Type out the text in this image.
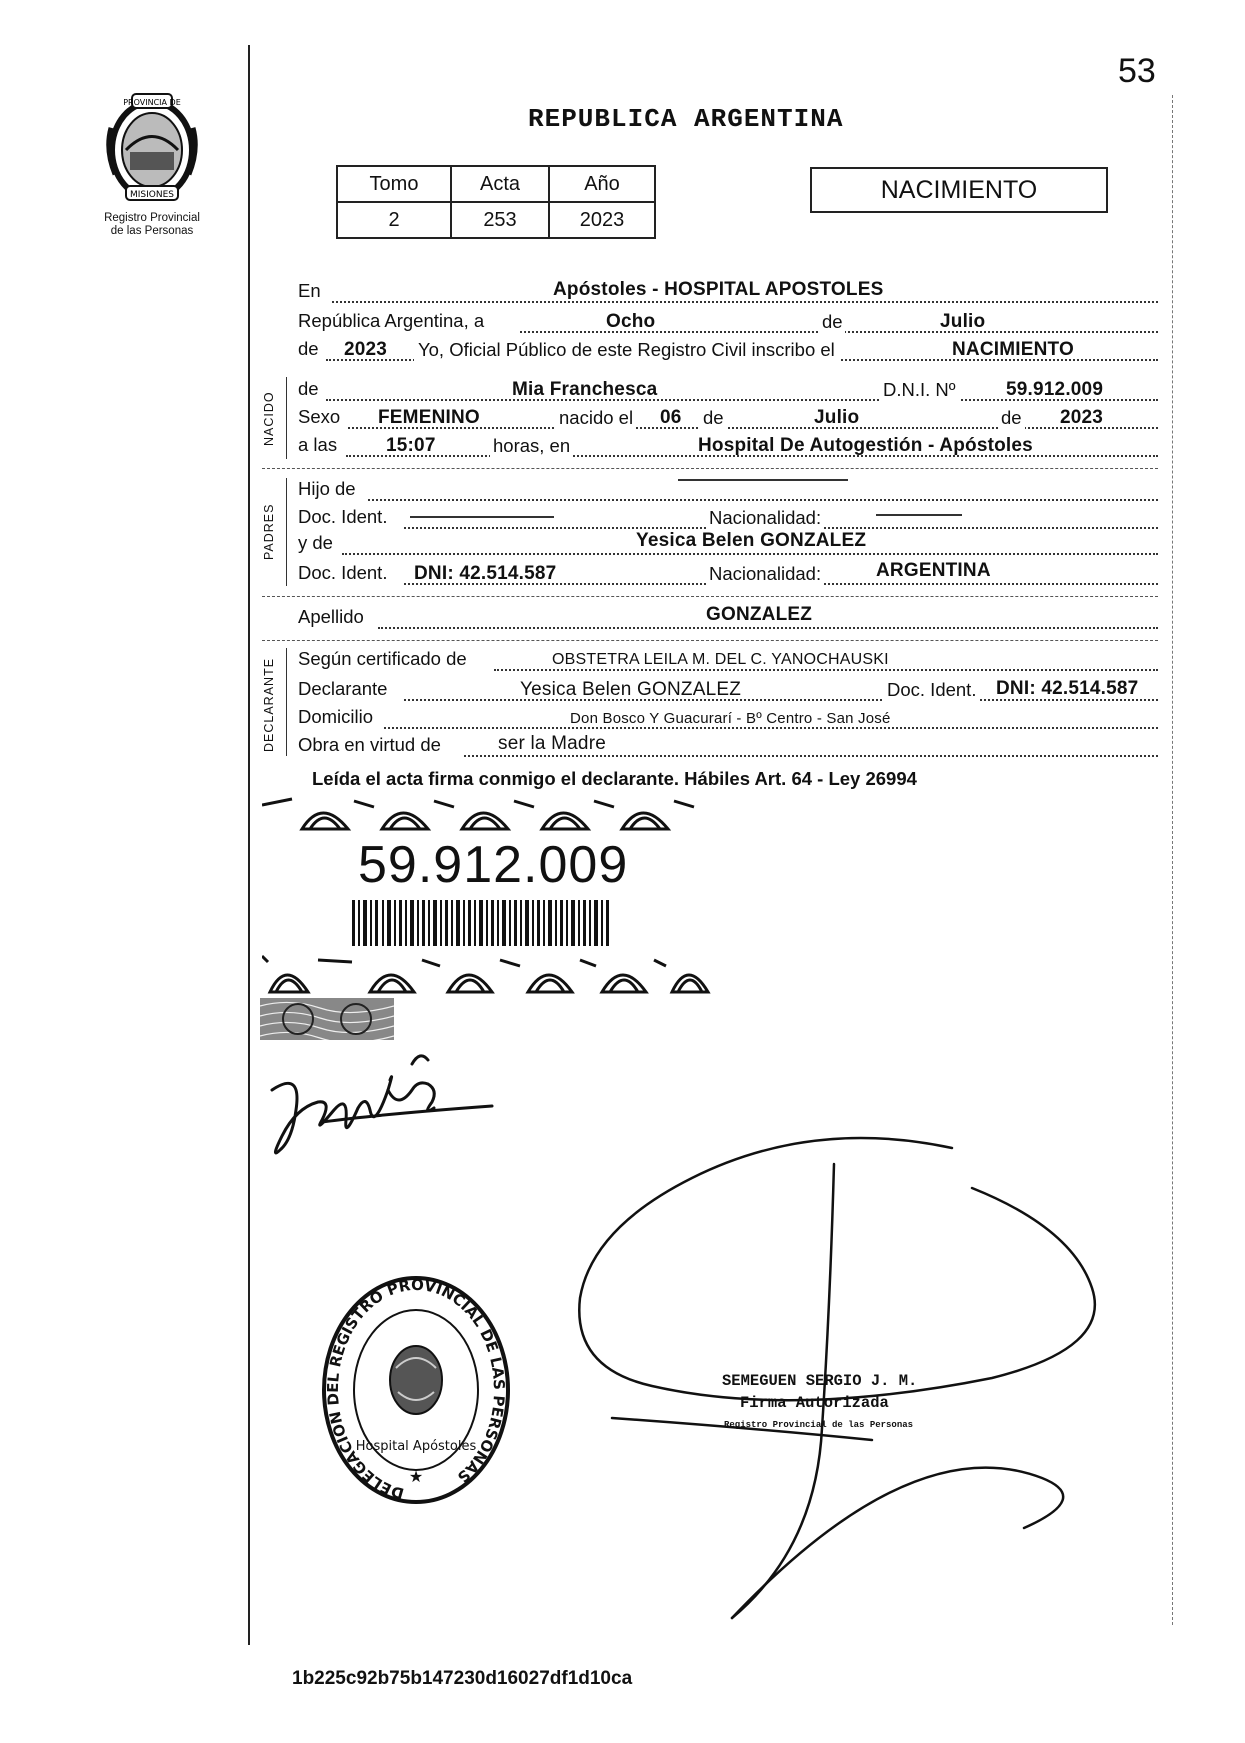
PROVINCIA DE
MISIONES
Registro Provincial
de las Personas
53
REPUBLICA ARGENTINA
Tomo	Acta	Año
2	253	2023
NACIMIENTO
En	Apóstoles - HOSPITAL APOSTOLES
República Argentina, a	Ocho	de	Julio
de 2023 Yo, Oficial Público de este Registro Civil inscribo el	NACIMIENTO
NACIDO
de	Mia Franchesca	D.N.I. Nº	59.912.009
Sexo FEMENINO	nacido el 06 de	Julio	de 2023
a las	15:07	horas, en	Hospital De Autogestión - Apóstoles
PADRES
Hijo de
Doc. Ident.	Nacionalidad:
y de	Yesica Belen GONZALEZ
Doc. Ident. DNI: 42.514.587	Nacionalidad:	ARGENTINA
Apellido	GONZALEZ
DECLARANTE Según certificado de	OBSTETRA LEILA M. DEL C. YANOCHAUSKI
Declarante	Yesica Belen GONZALEZ	Doc. Ident. DNI: 42.514.587
Domicilio	Don Bosco Y Guacurarí - Bº Centro - San José
Obra en virtud de	ser la Madre
Leída el acta firma conmigo el declarante. Hábiles Art. 64 - Ley 26994
59.912.009
SEMEGUEN SERGIO J. M.
Firma Autorizada
Registro Provincial de las Personas
DELEGACION DEL REGISTRO PROVINCIAL DE LAS PERSONAS
Hospital Apóstoles
★
1b225c92b75b147230d16027df1d10ca
